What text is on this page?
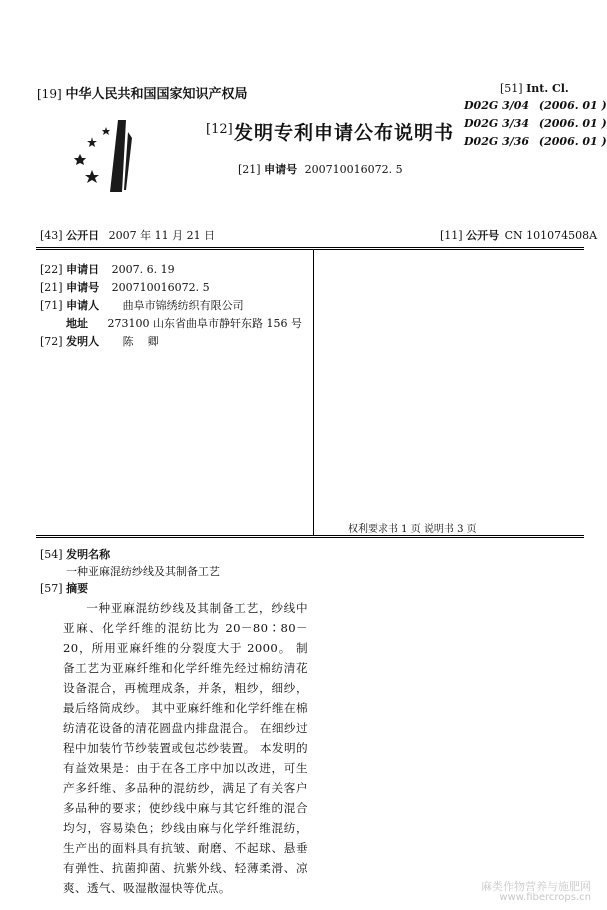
[19] 中华人民共和国国家知识产权局
[12] 发明专利申请公布说明书
[21] 申请号 200710016072. 5
[51] Int. Cl.
D02G 3/04 (2006. 01 )
D02G 3/34 (2006. 01 )
D02G 3/36 (2006. 01 )
[43] 公开日 2007 年 11 月 21 日	[11] 公开号 CN 101074508A
[22] 申请日 2007. 6. 19
[21] 申请号 200710016072. 5
[71] 申请人 曲阜市锦绣纺织有限公司
地址 273100 山东省曲阜市静轩东路 156 号
[72] 发明人 陈    卿
权利要求书 1 页 说明书 3 页
[54] 发明名称
一种亚麻混纺纱线及其制备工艺
[57] 摘要

一种亚麻混纺纱线及其制备工艺，纱线中亚麻、化学纤维的混纺比为 20－80∶80－20，所用亚麻纤维的分裂度大于 2000。 制备工艺为亚麻纤维和化学纤维先经过棉纺清花设备混合，再梳理成条，并条，粗纱，细纱，最后络筒成纱。 其中亚麻纤维和化学纤维在棉纺清花设备的清花圆盘内排盘混合。 在细纱过程中加装竹节纱装置或包芯纱装置。 本发明的有益效果是：由于在各工序中加以改进，可生产多纤维、多品种的混纺纱，满足了有关客户多品种的要求；使纱线中麻与其它纤维的混合均匀，容易染色；纱线由麻与化学纤维混纺，生产出的面料具有抗皱、耐磨、不起球、悬垂有弹性、抗菌抑菌、抗紫外线、轻薄柔滑、凉爽、透气、吸湿散湿快等优点。	麻类作物营养与施肥网
www.fibercrops.cn
